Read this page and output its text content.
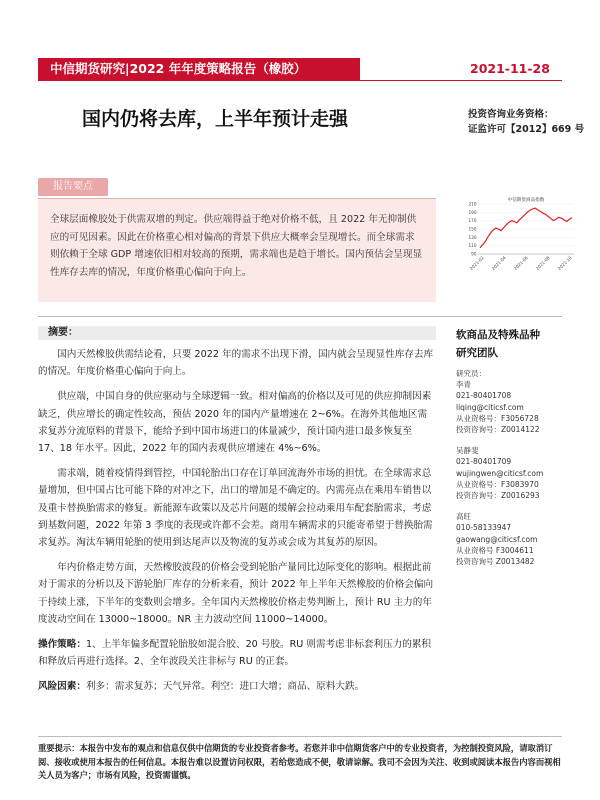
中信期货研究|2022 年年度策略报告（橡胶）	2021-11-28
国内仍将去库，上半年预计走强	投资咨询业务资格：
证监许可【2012】669 号
报告要点
全球层面橡胶处于供需双增的判定。供应端得益于绝对价格不低，且 2022 年无抑制供应的可见因素。因此在价格重心相对偏高的背景下供应大概率会呈现增长。而全球需求则依赖于全球 GDP 增速依旧相对较高的预期，需求端也是趋于增长。国内预估会呈现显性库存去库的情况，年度价格重心偏向于向上。
中信期货商品指数
210
190
170
150
130
110
90
2021-02 2021-04 2021-06 2021-08 2021-10
摘要：

国内天然橡胶供需结论看，只要 2022 年的需求不出现下滑，国内就会呈现显性库存去库的情况。年度价格重心偏向于向上。

供应端，中国自身的供应驱动与全球逻辑一致。相对偏高的价格以及可见的供应抑制因素缺乏，供应增长的确定性较高，预估 2020 年的国内产量增速在 2~6%。在海外其他地区需求复苏分流原料的背景下，能给予到中国市场进口的体量减少，预计国内进口最多恢复至 17、18 年水平。因此，2022 年的国内表观供应增速在 4%~6%。

需求端，随着疫情得到管控，中国轮胎出口存在订单回流海外市场的担忧。在全球需求总量增加，但中国占比可能下降的对冲之下，出口的增加是不确定的。内需亮点在乘用车销售以及重卡替换胎需求的修复。新能源车政策以及芯片问题的缓解会拉动乘用车配套胎需求，考虑到基数问题，2022 年第 3 季度的表现或许都不会差。商用车辆需求的只能寄希望于替换胎需求复苏。淘汰车辆用轮胎的使用到达尾声以及物流的复苏或会成为其复苏的原因。

年内价格走势方面，天然橡胶波段的价格会受到轮胎产量同比边际变化的影响。根据此前对于需求的分析以及下游轮胎厂库存的分析来看，预计 2022 年上半年天然橡胶的价格会偏向于持续上涨，下半年的变数则会增多。全年国内天然橡胶价格走势判断上，预计 RU 主力的年度波动空间在 13000~18000。NR 主力波动空间 11000~14000。

操作策略：1、上半年偏多配置轮胎胶如混合胶、20 号胶。RU 则需考虑非标套利压力的累积和释放后再进行选择。2、全年波段关注非标与 RU 的正套。

风险因素：利多：需求复苏；天气异常。利空：进口大增；商品、原料大跌。

软商品及特殊品种
研究团队
研究员：
李青
021-80401708
liqing@citicsf.com
从业资格号：F3056728
投资咨询号：Z0014122
吴静斐
021-80401709
wujingwen@citicsf.com
从业资格号：F3083970
投资咨询号：Z0016293
高旺
010-58133947
gaowang@citicsf.com
从业资格号 F3004611
投资咨询号 Z0013482
重要提示：本报告中发布的观点和信息仅供中信期货的专业投资者参考。若您并非中信期货客户中的专业投资者，为控制投资风险，请取消订阅、接收或使用本报告的任何信息。本报告难以设置访问权限，若给您造成不便，敬请谅解。我司不会因为关注、收到或阅读本报告内容而视相关人员为客户；市场有风险，投资需谨慎。
